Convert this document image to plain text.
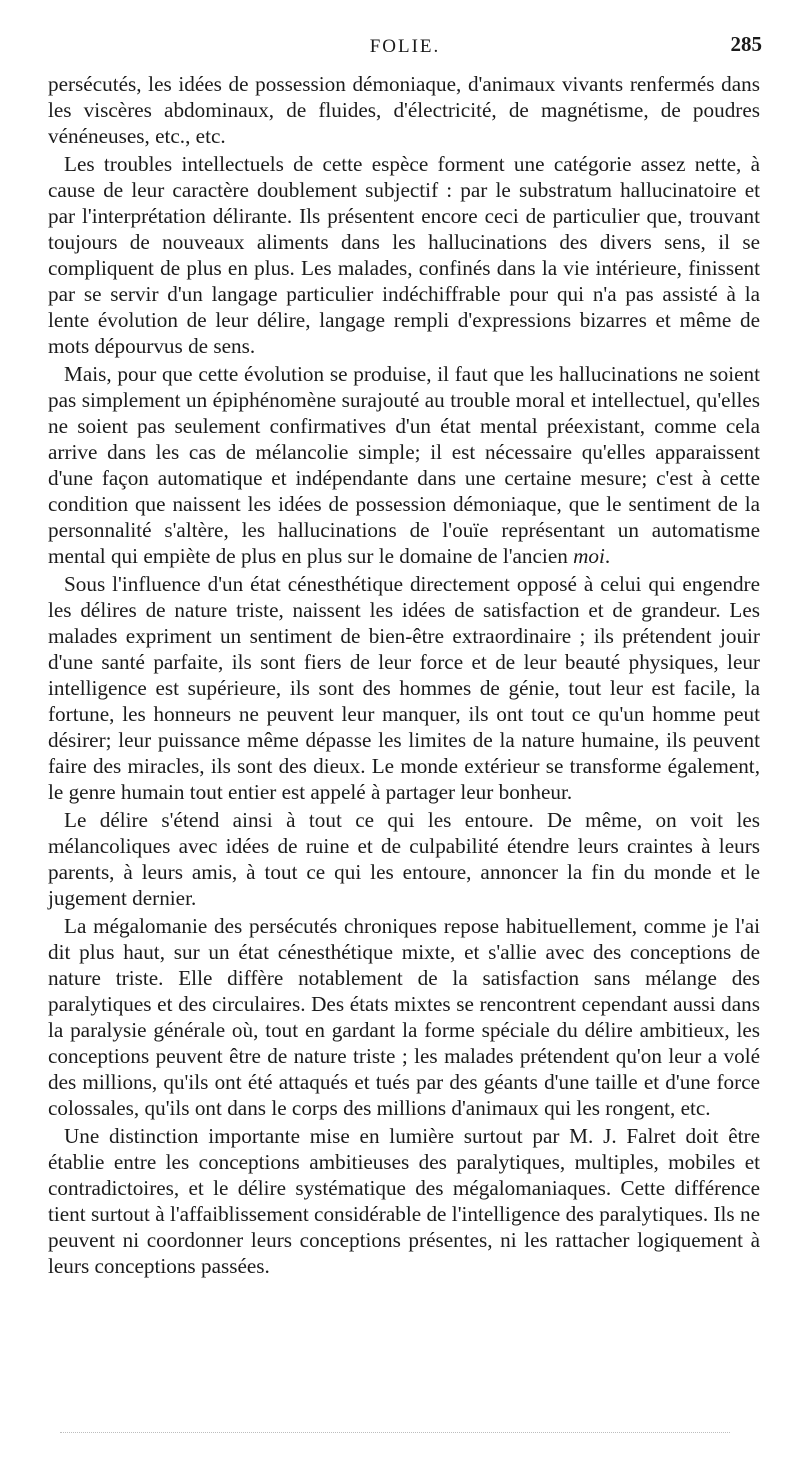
FOLIE.	285

persécutés, les idées de possession démoniaque, d'animaux vivants renfermés dans les viscères abdominaux, de fluides, d'électricité, de magnétisme, de poudres vénéneuses, etc., etc.

Les troubles intellectuels de cette espèce forment une catégorie assez nette, à cause de leur caractère doublement subjectif : par le substratum hallucinatoire et par l'interprétation délirante. Ils présentent encore ceci de particulier que, trouvant toujours de nouveaux aliments dans les hallucinations des divers sens, il se compliquent de plus en plus. Les malades, confinés dans la vie intérieure, finissent par se servir d'un langage particulier indéchiffrable pour qui n'a pas assisté à la lente évolution de leur délire, langage rempli d'expressions bizarres et même de mots dépourvus de sens.

Mais, pour que cette évolution se produise, il faut que les hallucinations ne soient pas simplement un épiphénomène surajouté au trouble moral et intellectuel, qu'elles ne soient pas seulement confirmatives d'un état mental préexistant, comme cela arrive dans les cas de mélancolie simple; il est nécessaire qu'elles apparaissent d'une façon automatique et indépendante dans une certaine mesure; c'est à cette condition que naissent les idées de possession démoniaque, que le sentiment de la personnalité s'altère, les hallucinations de l'ouïe représentant un automatisme mental qui empiète de plus en plus sur le domaine de l'ancien moi.

Sous l'influence d'un état cénesthétique directement opposé à celui qui engendre les délires de nature triste, naissent les idées de satisfaction et de grandeur. Les malades expriment un sentiment de bien-être extraordinaire ; ils prétendent jouir d'une santé parfaite, ils sont fiers de leur force et de leur beauté physiques, leur intelligence est supérieure, ils sont des hommes de génie, tout leur est facile, la fortune, les honneurs ne peuvent leur manquer, ils ont tout ce qu'un homme peut désirer; leur puissance même dépasse les limites de la nature humaine, ils peuvent faire des miracles, ils sont des dieux. Le monde extérieur se transforme également, le genre humain tout entier est appelé à partager leur bonheur.

Le délire s'étend ainsi à tout ce qui les entoure. De même, on voit les mélancoliques avec idées de ruine et de culpabilité étendre leurs craintes à leurs parents, à leurs amis, à tout ce qui les entoure, annoncer la fin du monde et le jugement dernier.

La mégalomanie des persécutés chroniques repose habituellement, comme je l'ai dit plus haut, sur un état cénesthétique mixte, et s'allie avec des conceptions de nature triste. Elle diffère notablement de la satisfaction sans mélange des paralytiques et des circulaires. Des états mixtes se rencontrent cependant aussi dans la paralysie générale où, tout en gardant la forme spéciale du délire ambitieux, les conceptions peuvent être de nature triste ; les malades prétendent qu'on leur a volé des millions, qu'ils ont été attaqués et tués par des géants d'une taille et d'une force colossales, qu'ils ont dans le corps des millions d'animaux qui les rongent, etc.

Une distinction importante mise en lumière surtout par M. J. Falret doit être établie entre les conceptions ambitieuses des paralytiques, multiples, mobiles et contradictoires, et le délire systématique des mégalomaniaques. Cette différence tient surtout à l'affaiblissement considérable de l'intelligence des paralytiques. Ils ne peuvent ni coordonner leurs conceptions présentes, ni les rattacher logiquement à leurs conceptions passées.
